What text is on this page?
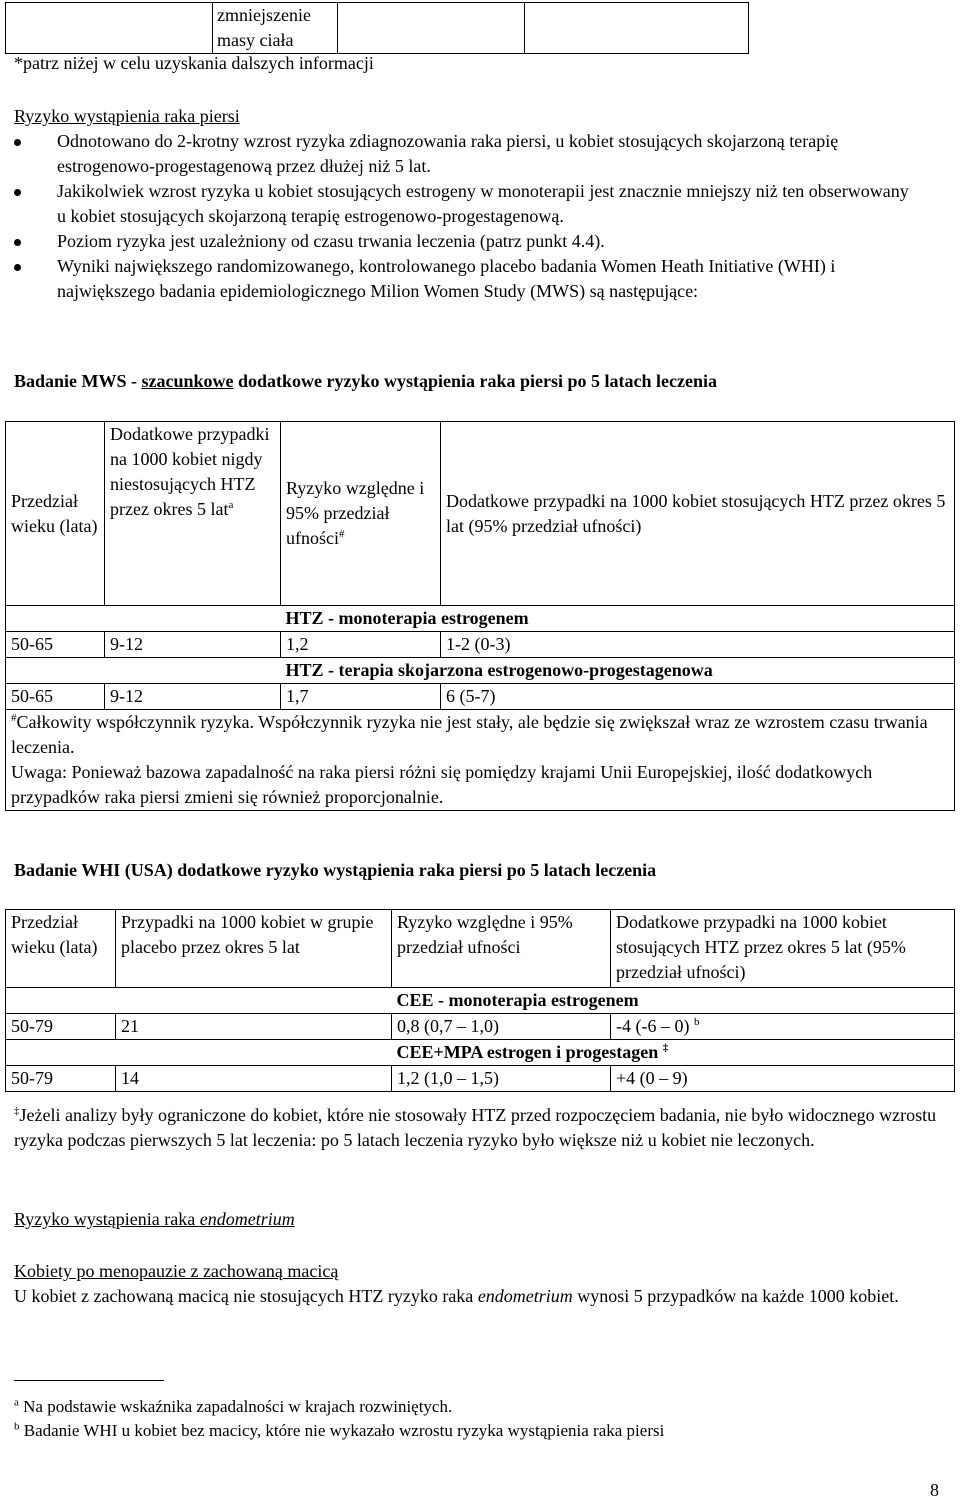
	zmniejszenie masy ciała		
*patrz niżej w celu uzyskania dalszych informacji
Ryzyko wystąpienia raka piersi
Odnotowano do 2-krotny wzrost ryzyka zdiagnozowania raka piersi, u kobiet stosujących skojarzoną terapię estrogenowo-progestagenową przez dłużej niż 5 lat.
Jakikolwiek wzrost ryzyka u kobiet stosujących estrogeny w monoterapii jest znacznie mniejszy niż ten obserwowany u kobiet stosujących skojarzoną terapię estrogenowo-progestagenową.
Poziom ryzyka jest uzależniony od czasu trwania leczenia (patrz punkt 4.4).
Wyniki największego randomizowanego, kontrolowanego placebo badania Women Heath Initiative (WHI) i największego badania epidemiologicznego Milion Women Study (MWS) są następujące:
Badanie MWS - szacunkowe dodatkowe ryzyko wystąpienia raka piersi po 5 latach leczenia
Przedział wieku (lata)	Dodatkowe przypadki na 1000 kobiet nigdy niestosujących HTZ przez okres 5 lat$^a$	Ryzyko względne i 95% przedział ufności#	Dodatkowe przypadki na 1000 kobiet stosujących HTZ przez okres 5 lat (95% przedział ufności)
		HTZ - monoterapia estrogenem	
50-65	9-12	1,2	1-2 (0-3)
		HTZ - terapia skojarzona estrogenowo-progestagenowa	
50-65	9-12	1,7	6 (5-7)
#Całkowity współczynnik ryzyka. Współczynnik ryzyka nie jest stały, ale będzie się zwiększał wraz ze wzrostem czasu trwania leczenia.
Uwaga: Ponieważ bazowa zapadalność na raka piersi różni się pomiędzy krajami Unii Europejskiej, ilość dodatkowych przypadków raka piersi zmieni się również proporcjonalnie.			
Badanie WHI (USA) dodatkowe ryzyko wystąpienia raka piersi po 5 latach leczenia
Przedział wieku (lata)	Przypadki na 1000 kobiet w grupie placebo przez okres 5 lat	Ryzyko względne i 95% przedział ufności	Dodatkowe przypadki na 1000 kobiet stosujących HTZ przez okres 5 lat (95% przedział ufności)
		CEE - monoterapia estrogenem	
50-79	21	0,8 (0,7 – 1,0)	-4 (-6 – 0) $^b$
		CEE+MPA estrogen i progestagen ‡
50-79	14	1,2 (1,0 – 1,5)	+4 (0 – 9)
‡Jeżeli analizy były ograniczone do kobiet, które nie stosowały HTZ przed rozpoczęciem badania, nie było widocznego wzrostu ryzyka podczas pierwszych 5 lat leczenia: po 5 latach leczenia ryzyko było większe niż u kobiet nie leczonych.
Ryzyko wystąpienia raka endometrium
Kobiety po menopauzie z zachowaną macicą
U kobiet z zachowaną macicą nie stosujących HTZ ryzyko raka endometrium wynosi 5 przypadków na każde 1000 kobiet.
$^a$ Na podstawie wskaźnika zapadalności w krajach rozwiniętych.
$^b$ Badanie WHI u kobiet bez macicy, które nie wykazało wzrostu ryzyka wystąpienia raka piersi
8
